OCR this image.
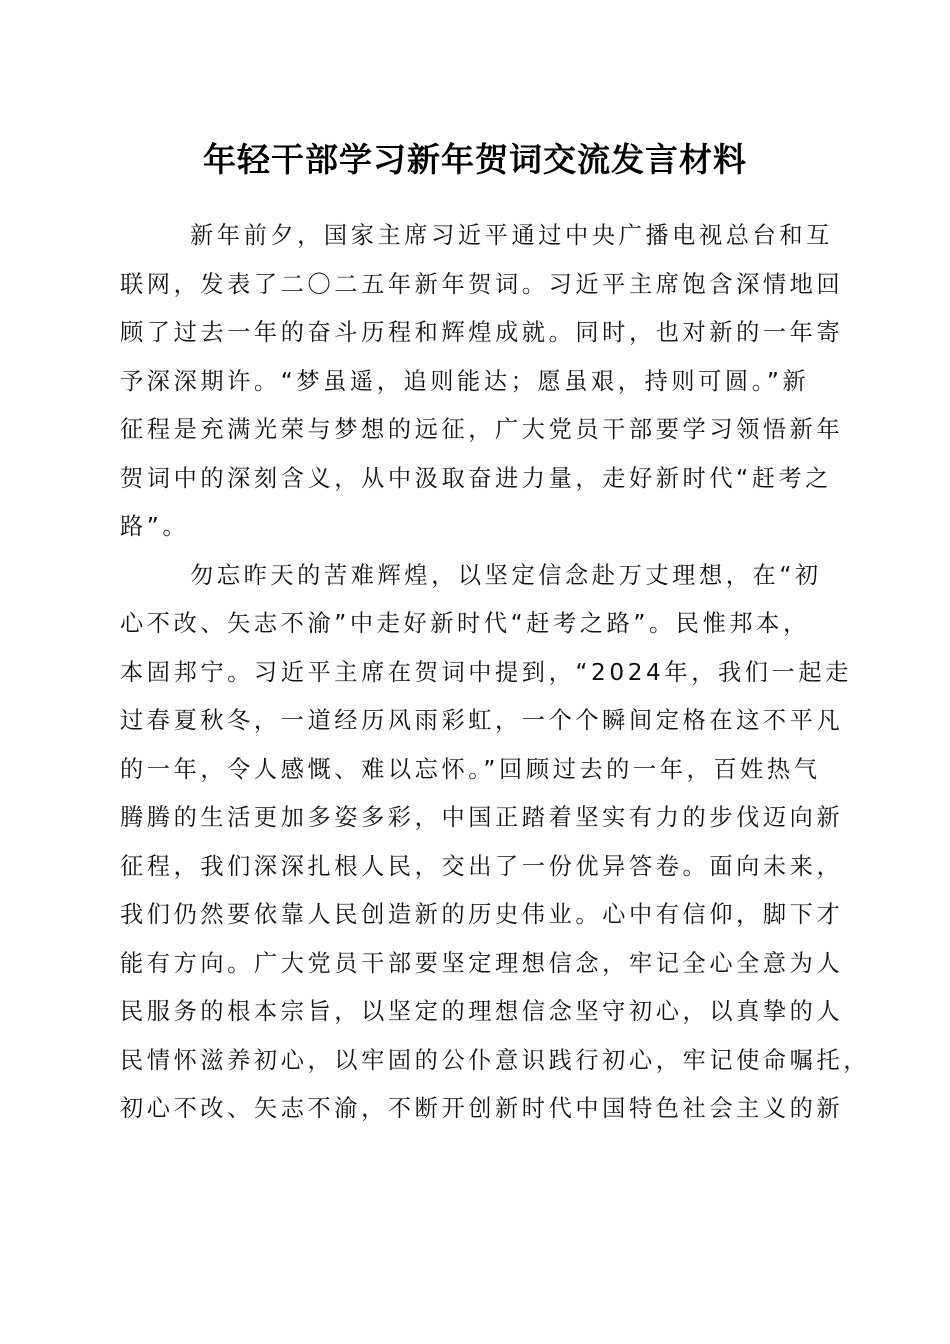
年轻干部学习新年贺词交流发言材料
新年前夕，国家主席习近平通过中央广播电视总台和互
联网，发表了二〇二五年新年贺词。习近平主席饱含深情地回
顾了过去一年的奋斗历程和辉煌成就。同时，也对新的一年寄
予深深期许。“梦虽遥，追则能达；愿虽艰，持则可圆。”新
征程是充满光荣与梦想的远征，广大党员干部要学习领悟新年
贺词中的深刻含义，从中汲取奋进力量，走好新时代“赶考之
路”。
勿忘昨天的苦难辉煌，以坚定信念赴万丈理想，在“初
心不改、矢志不渝”中走好新时代“赶考之路”。民惟邦本，
本固邦宁。习近平主席在贺词中提到，“2024年，我们一起走
过春夏秋冬，一道经历风雨彩虹，一个个瞬间定格在这不平凡
的一年，令人感慨、难以忘怀。”回顾过去的一年，百姓热气
腾腾的生活更加多姿多彩，中国正踏着坚实有力的步伐迈向新
征程，我们深深扎根人民，交出了一份优异答卷。面向未来，
我们仍然要依靠人民创造新的历史伟业。心中有信仰，脚下才
能有方向。广大党员干部要坚定理想信念，牢记全心全意为人
民服务的根本宗旨，以坚定的理想信念坚守初心，以真挚的人
民情怀滋养初心，以牢固的公仆意识践行初心，牢记使命嘱托，
初心不改、矢志不渝，不断开创新时代中国特色社会主义的新
